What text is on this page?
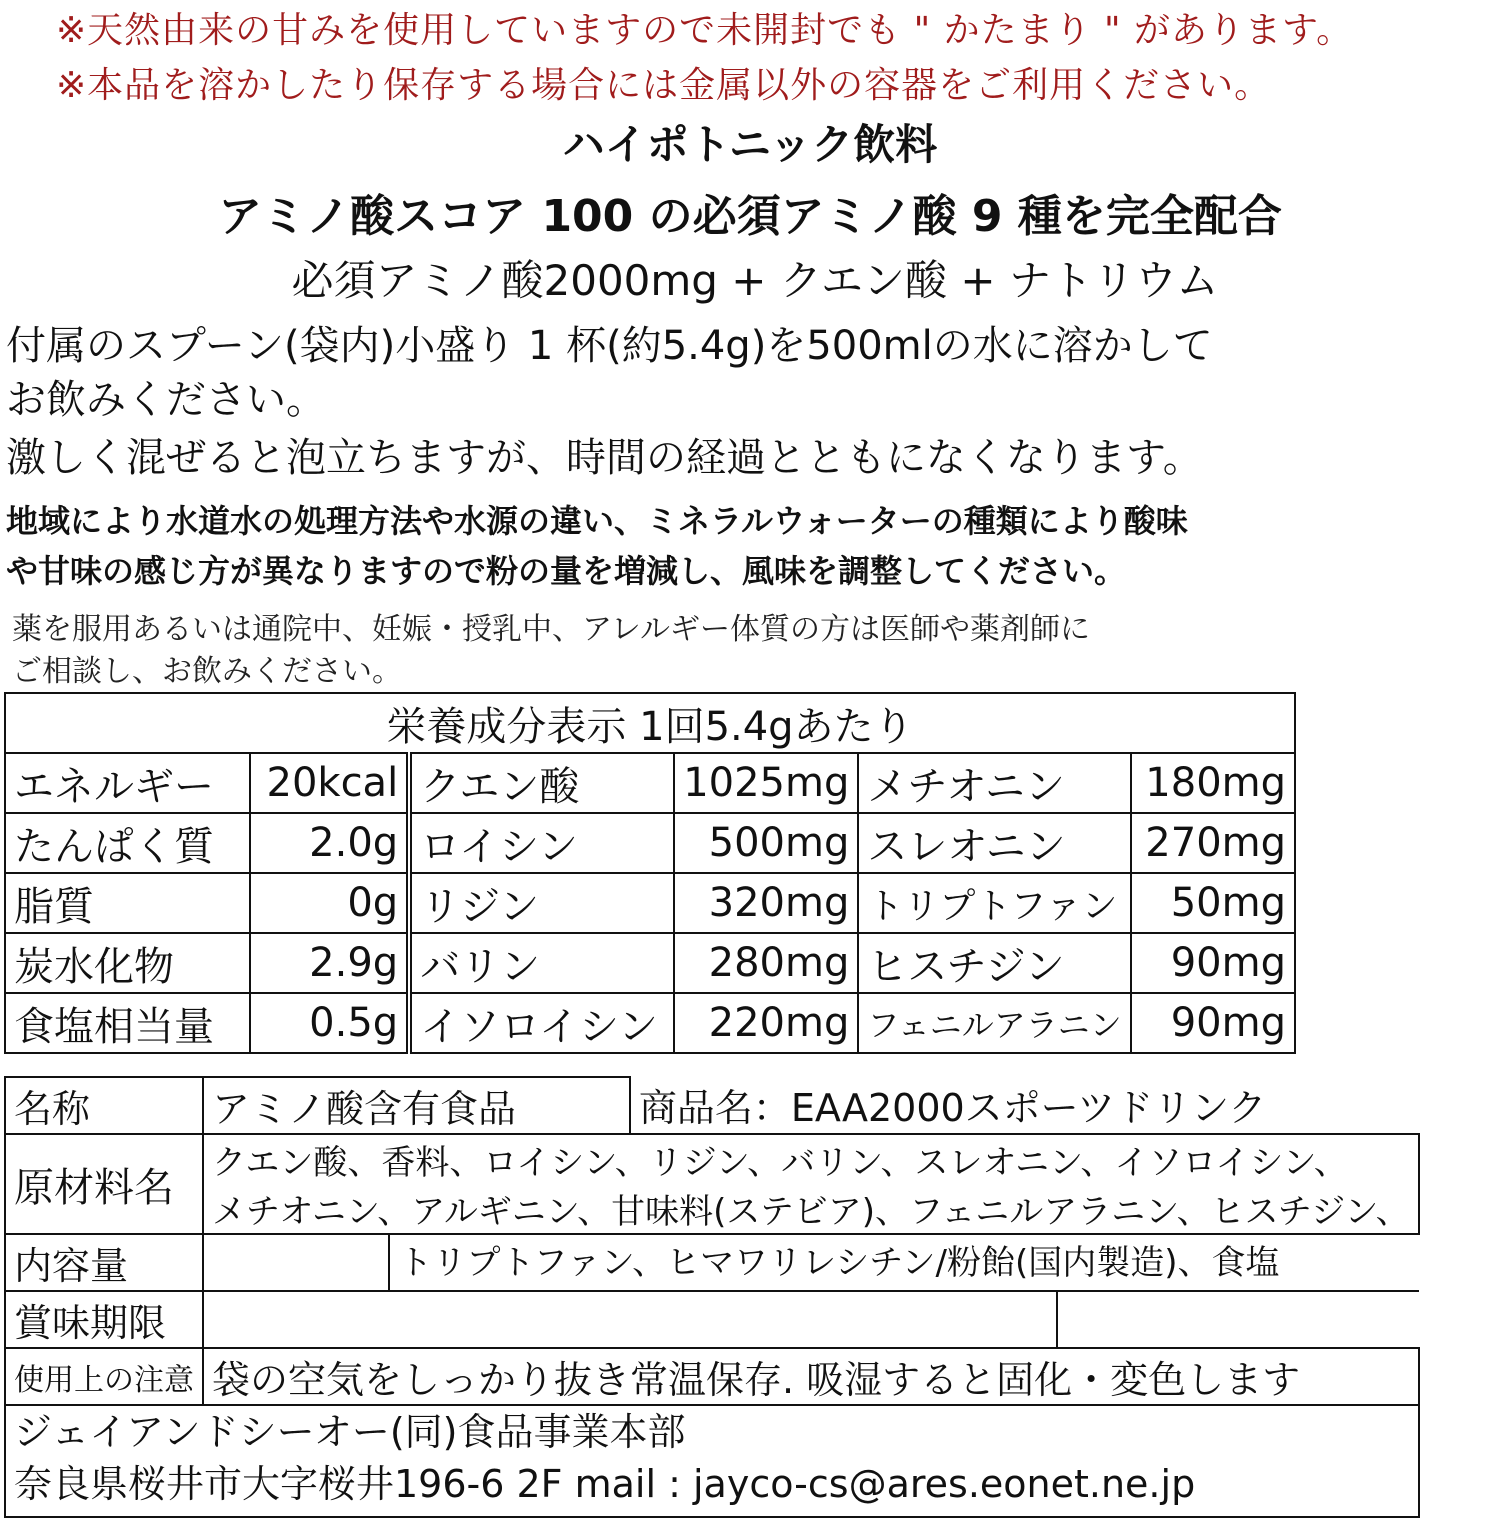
※天然由来の甘みを使用していますので未開封でも " かたまり " があります。
※本品を溶かしたり保存する場合には金属以外の容器をご利用ください。
ハイポトニック飲料
アミノ酸スコア 100 の必須アミノ酸 9 種を完全配合
必須アミノ酸2000mg + クエン酸 + ナトリウム
付属のスプーン(袋内)小盛り 1 杯(約5.4g)を500mlの水に溶かして
お飲みください。
激しく混ぜると泡立ちますが、時間の経過とともになくなります。
地域により水道水の処理方法や水源の違い、ミネラルウォーターの種類により酸味
や甘味の感じ方が異なりますので粉の量を増減し、風味を調整してください。
薬を服用あるいは通院中、妊娠・授乳中、アレルギー体質の方は医師や薬剤師に
ご相談し、お飲みください。
栄養成分表示 1回5.4gあたり					
エネルギー	20kcal	クエン酸	1025mg	メチオニン	180mg
たんぱく質	2.0g	ロイシン	500mg	スレオニン	270mg
脂質	0g	リジン	320mg	トリプトファン	50mg
炭水化物	2.9g	バリン	280mg	ヒスチジン	90mg
食塩相当量	0.5g	イソロイシン	220mg	フェニルアラニン	90mg
名称	アミノ酸含有食品		商品名：EAA2000スポーツドリンク	
原材料名	クエン酸、香料、ロイシン、リジン、バリン、スレオニン、イソロイシン、			
	メチオニン、アルギニン、甘味料(ステビア)、フェニルアラニン、ヒスチジン、			
内容量		トリプトファン、ヒマワリレシチン/粉飴(国内製造)、食塩		
賞味期限				
使用上の注意	袋の空気をしっかり抜き常温保存. 吸湿すると固化・変色します			

ジェイアンドシーオー(同)食品事業本部
奈良県桜井市大字桜井196-6 2F mail : jayco-cs@ares.eonet.ne.jp				
